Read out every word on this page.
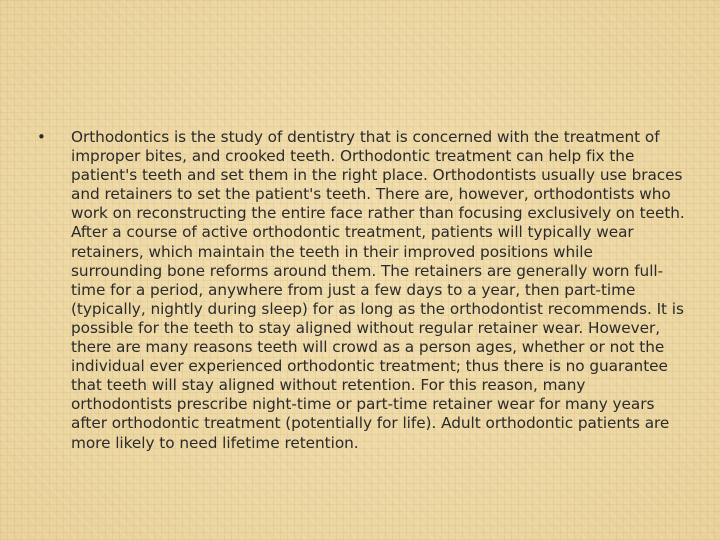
•	Orthodontics is the study of dentistry that is concerned with the treatment of improper bites, and crooked teeth. Orthodontic treatment can help fix the patient's teeth and set them in the right place. Orthodontists usually use braces and retainers to set the patient's teeth. There are, however, orthodontists who work on reconstructing the entire face rather than focusing exclusively on teeth. After a course of active orthodontic treatment, patients will typically wear retainers, which maintain the teeth in their improved positions while surrounding bone reforms around them. The retainers are generally worn full-time for a period, anywhere from just a few days to a year, then part-time (typically, nightly during sleep) for as long as the orthodontist recommends. It is possible for the teeth to stay aligned without regular retainer wear. However, there are many reasons teeth will crowd as a person ages, whether or not the individual ever experienced orthodontic treatment; thus there is no guarantee that teeth will stay aligned without retention. For this reason, many orthodontists prescribe night-time or part-time retainer wear for many years after orthodontic treatment (potentially for life). Adult orthodontic patients are more likely to need lifetime retention.
